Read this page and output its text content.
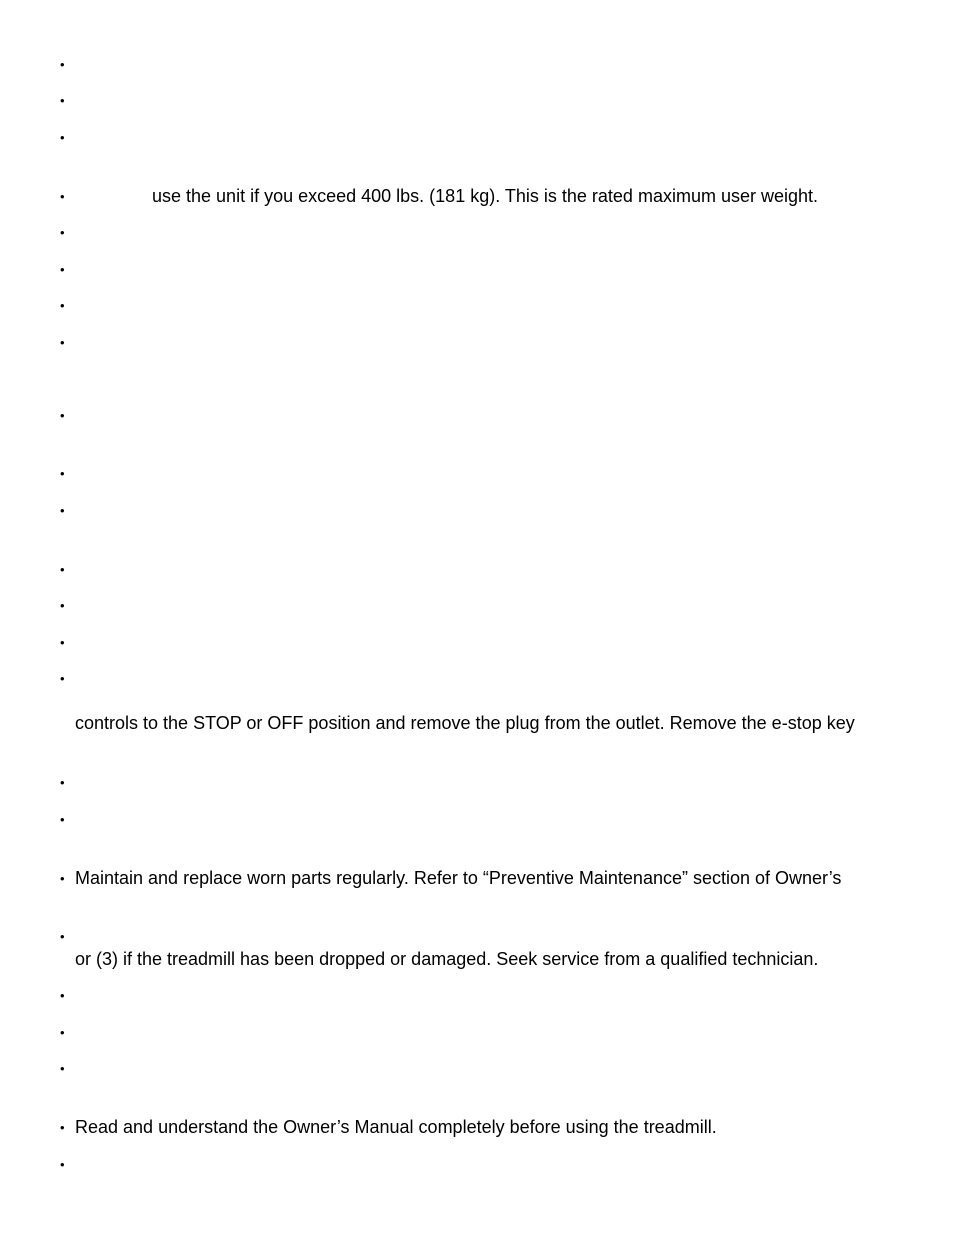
•
•
•
•	use the unit if you exceed 400 lbs. (181 kg). This is the rated maximum user weight.
•
•
•
•
•
•
•
•
•
•
•
controls to the STOP or OFF position and remove the plug from the outlet. Remove the e-stop key
•
•
• Maintain and replace worn parts regularly. Refer to “Preventive Maintenance” section of Owner’s
•
or (3) if the treadmill has been dropped or damaged. Seek service from a qualified technician.
•
•
•
• Read and understand the Owner’s Manual completely before using the treadmill.
•
